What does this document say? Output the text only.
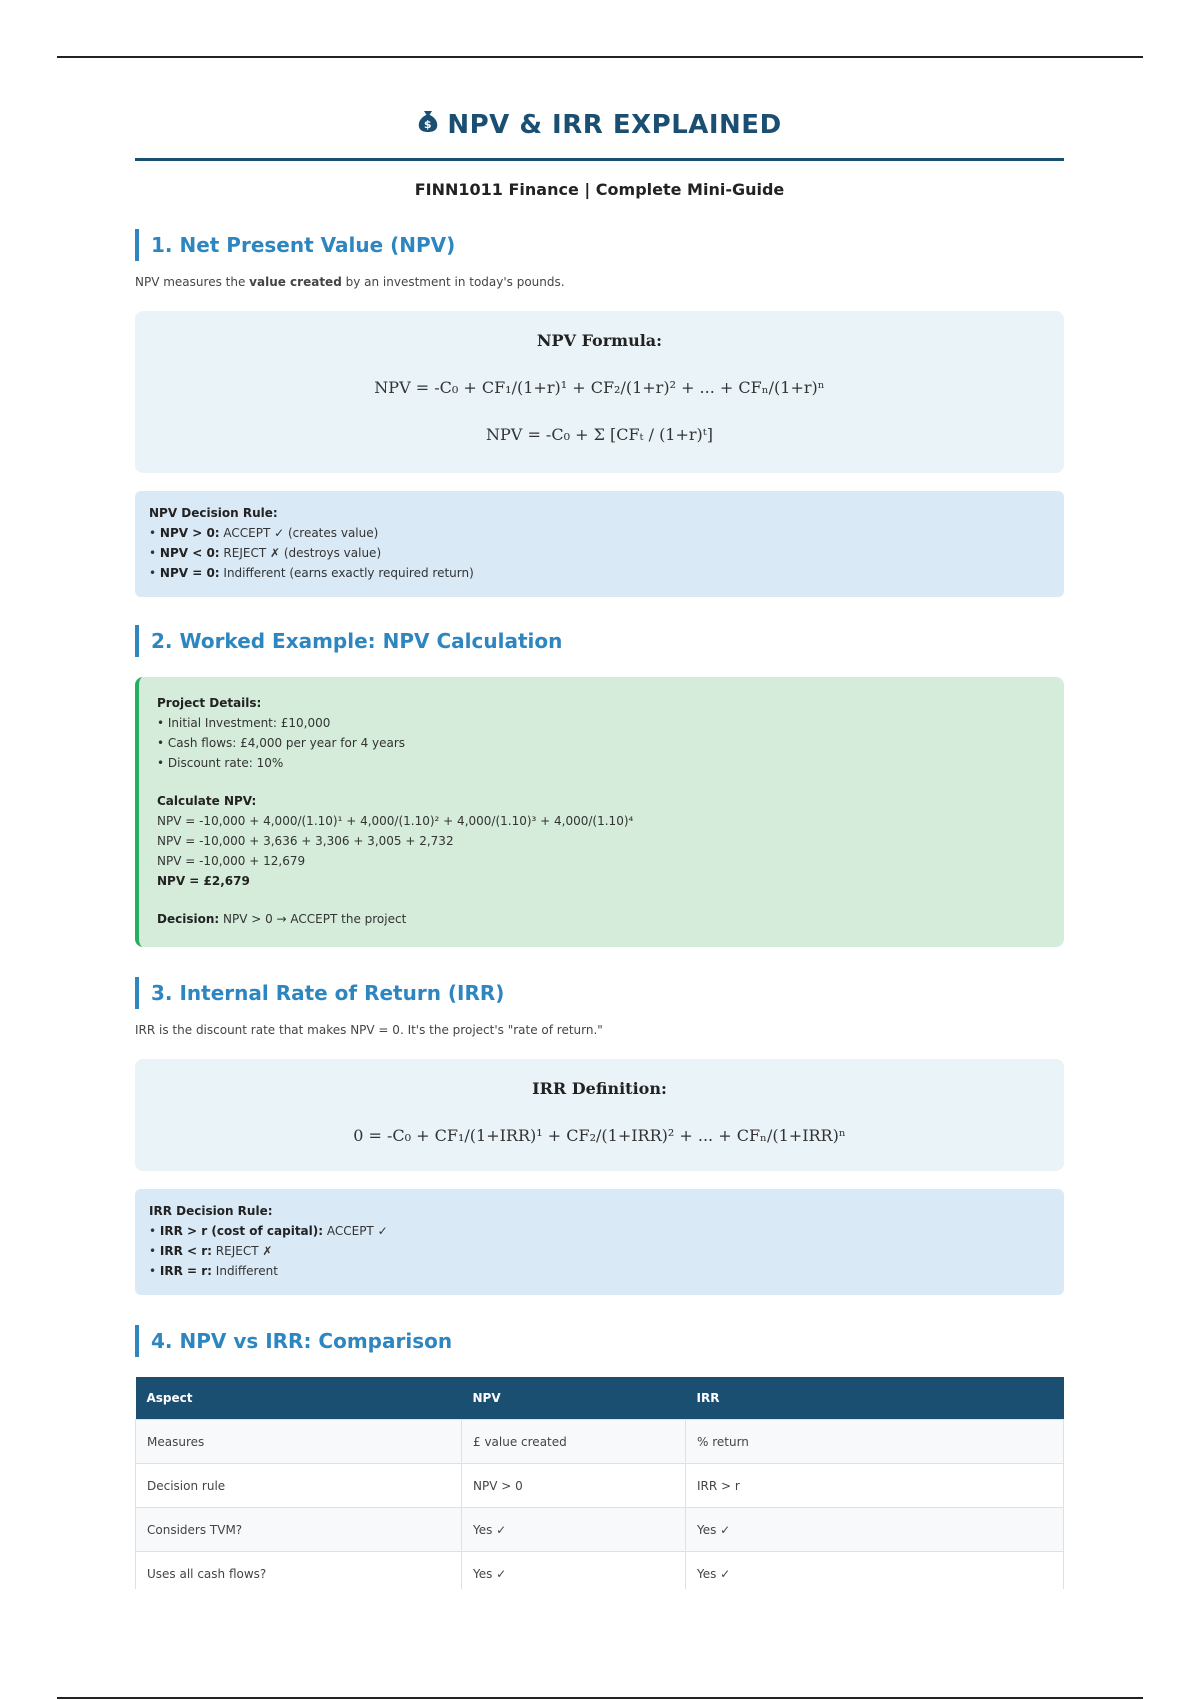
$ NPV & IRR EXPLAINED
FINN1011 Finance | Complete Mini-Guide
1. Net Present Value (NPV)

NPV measures the value created by an investment in today's pounds.

NPV Formula:
NPV = -C₀ + CF₁/(1+r)¹ + CF₂/(1+r)² + ... + CFₙ/(1+r)ⁿ
NPV = -C₀ + Σ [CFₜ / (1+r)ᵗ]
NPV Decision Rule:
• NPV > 0: ACCEPT ✓ (creates value)
• NPV < 0: REJECT ✗ (destroys value)
• NPV = 0: Indifferent (earns exactly required return)
2. Worked Example: NPV Calculation
Project Details:
• Initial Investment: £10,000
• Cash flows: £4,000 per year for 4 years
• Discount rate: 10%
Calculate NPV:
NPV = -10,000 + 4,000/(1.10)¹ + 4,000/(1.10)² + 4,000/(1.10)³ + 4,000/(1.10)⁴
NPV = -10,000 + 3,636 + 3,306 + 3,005 + 2,732
NPV = -10,000 + 12,679
NPV = £2,679
Decision: NPV > 0 → ACCEPT the project
3. Internal Rate of Return (IRR)

IRR is the discount rate that makes NPV = 0. It's the project's "rate of return."

IRR Definition:
0 = -C₀ + CF₁/(1+IRR)¹ + CF₂/(1+IRR)² + ... + CFₙ/(1+IRR)ⁿ
IRR Decision Rule:
• IRR > r (cost of capital): ACCEPT ✓
• IRR < r: REJECT ✗
• IRR = r: Indifferent
4. NPV vs IRR: Comparison
Aspect	NPV	IRR
Measures	£ value created	% return
Decision rule	NPV > 0	IRR > r
Considers TVM?	Yes ✓	Yes ✓
Uses all cash flows?	Yes ✓	Yes ✓
